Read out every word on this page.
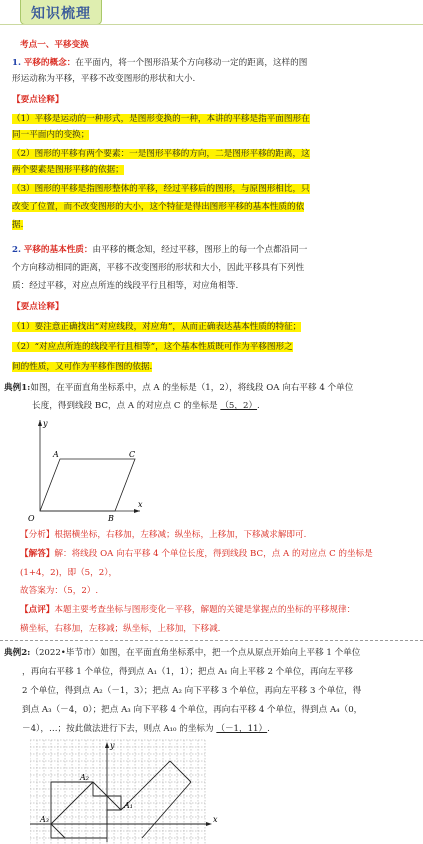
知识梳理

考点一、平移变换

1. 平移的概念：在平面内，将一个图形沿某个方向移动一定的距离，这样的图

形运动称为平移，平移不改变图形的形状和大小.

【要点诠释】

（1）平移是运动的一种形式，是图形变换的一种，本讲的平移是指平面图形在

同一平面内的变换；

（2）图形的平移有两个要素：一是图形平移的方向，二是图形平移的距离，这

两个要素是图形平移的依据；

（3）图形的平移是指图形整体的平移，经过平移后的图形，与原图形相比，只

改变了位置，而不改变图形的大小，这个特征是得出图形平移的基本性质的依

据.

2. 平移的基本性质：由平移的概念知，经过平移，图形上的每一个点都沿同一

个方向移动相同的距离，平移不改变图形的形状和大小，因此平移具有下列性

质：经过平移，对应点所连的线段平行且相等，对应角相等.

【要点诠释】

（1）要注意正确找出“对应线段，对应角”，从而正确表达基本性质的特征；

（2）“对应点所连的线段平行且相等”，这个基本性质既可作为平移图形之

间的性质，又可作为平移作图的依据.

典例1:如图，在平面直角坐标系中，点 A 的坐标是（1，2），将线段 OA 向右平移 4 个单位

长度，得到线段 BC，点 A 的对应点 C 的坐标是 （5，2）.

y
x
O
A
B
C

【分析】根据横坐标，右移加，左移减；纵坐标，上移加，下移减求解即可.

【解答】解：将线段 OA 向右平移 4 个单位长度，得到线段 BC，点 A 的对应点 C 的坐标是

(1+4，2)，即（5，2），

故答案为：（5，2）.

【点评】本题主要考查坐标与图形变化－平移，解题的关键是掌握点的坐标的平移规律：

横坐标，右移加，左移减；纵坐标，上移加，下移减.

典例2:（2022•毕节市）如图，在平面直角坐标系中，把一个点从原点开始向上平移 1 个单位

，再向右平移 1 个单位，得到点 A₁（1，1）；把点 A₁ 向上平移 2 个单位，再向左平移

2 个单位，得到点 A₂（－1，3）；把点 A₂ 向下平移 3 个单位，再向左平移 3 个单位，得

到点 A₃（－4，0）；把点 A₃ 向下平移 4 个单位，再向右平移 4 个单位，得到点 A₄（0，

－4），…；按此做法进行下去，则点 A₁₀ 的坐标为 （－1，11）.

y
x
A₁
A₂
A₃
